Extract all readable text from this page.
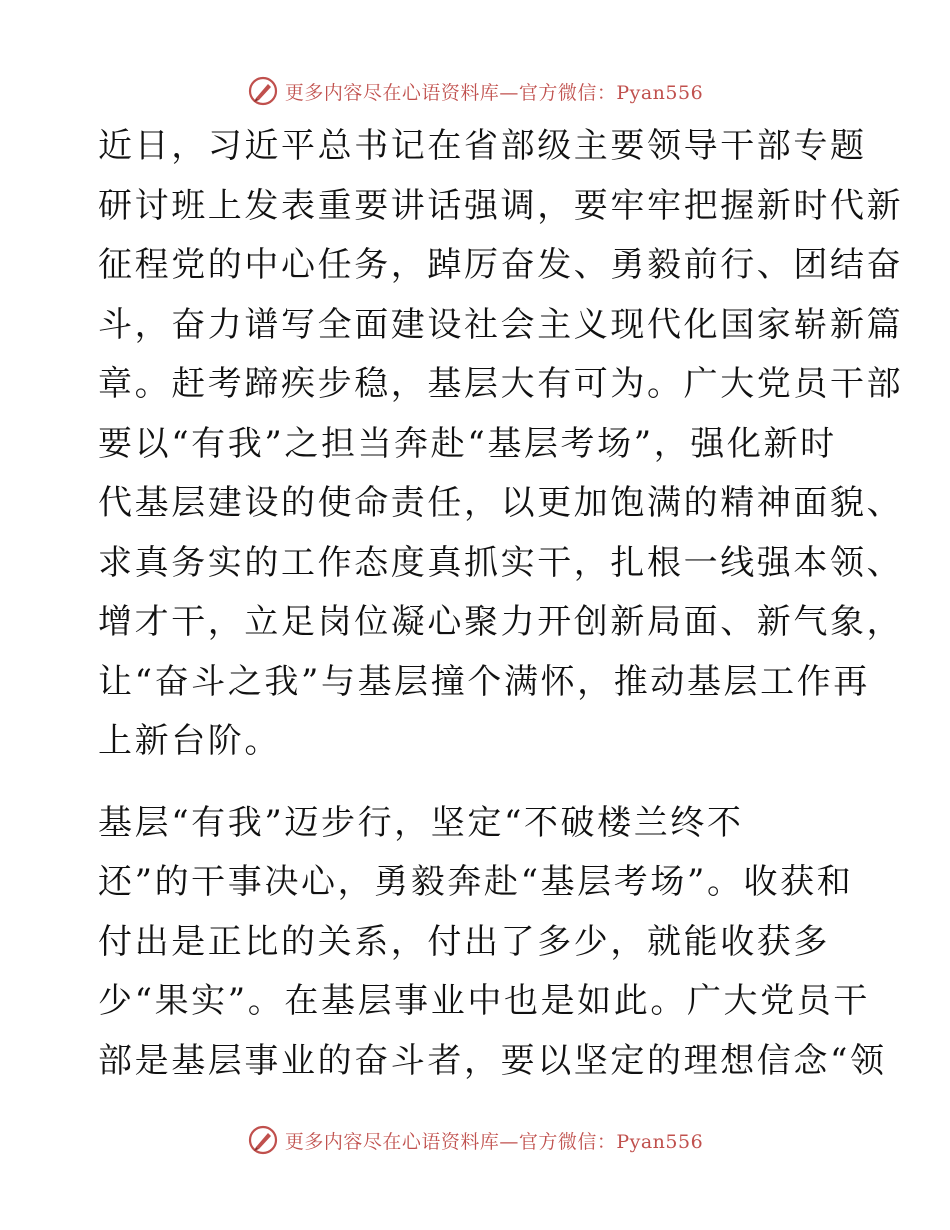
更多内容尽在心语资料库—官方微信：Pyan556

近日，习近平总书记在省部级主要领导干部专题
研讨班上发表重要讲话强调，要牢牢把握新时代新
征程党的中心任务，踔厉奋发、勇毅前行、团结奋
斗，奋力谱写全面建设社会主义现代化国家崭新篇
章。赶考蹄疾步稳，基层大有可为。广大党员干部
要以“有我”之担当奔赴“基层考场”，强化新时
代基层建设的使命责任，以更加饱满的精神面貌、
求真务实的工作态度真抓实干，扎根一线强本领、
增才干，立足岗位凝心聚力开创新局面、新气象，
让“奋斗之我”与基层撞个满怀，推动基层工作再
上新台阶。

基层“有我”迈步行，坚定“不破楼兰终不
还”的干事决心，勇毅奔赴“基层考场”。收获和
付出是正比的关系，付出了多少，就能收获多
少“果实”。在基层事业中也是如此。广大党员干
部是基层事业的奋斗者，要以坚定的理想信念“领

更多内容尽在心语资料库—官方微信：Pyan556
